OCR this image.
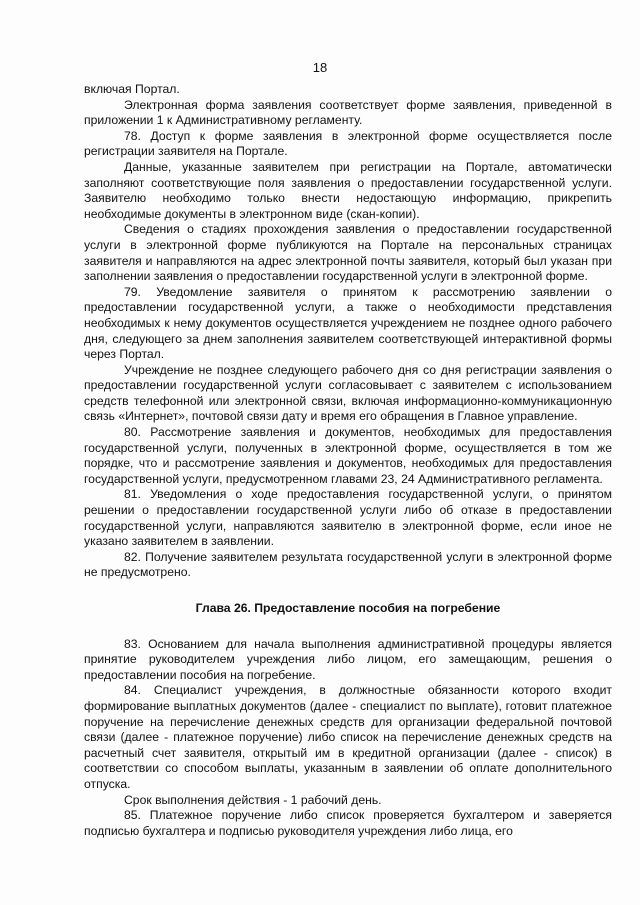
18

включая Портал.

Электронная форма заявления соответствует форме заявления, приведенной в приложении 1 к Административному регламенту.

78. Доступ к форме заявления в электронной форме осуществляется после регистрации заявителя на Портале.

Данные, указанные заявителем при регистрации на Портале, автоматически заполняют соответствующие поля заявления о предоставлении государственной услуги. Заявителю необходимо только внести недостающую информацию, прикрепить необходимые документы в электронном виде (скан-копии).

Сведения о стадиях прохождения заявления о предоставлении государственной услуги в электронной форме публикуются на Портале на персональных страницах заявителя и направляются на адрес электронной почты заявителя, который был указан при заполнении заявления о предоставлении государственной услуги в электронной форме.

79. Уведомление заявителя о принятом к рассмотрению заявлении о предоставлении государственной услуги, а также о необходимости представления необходимых к нему документов осуществляется учреждением не позднее одного рабочего дня, следующего за днем заполнения заявителем соответствующей интерактивной формы через Портал.

Учреждение не позднее следующего рабочего дня со дня регистрации заявления о предоставлении государственной услуги согласовывает с заявителем с использованием средств телефонной или электронной связи, включая информационно-коммуникационную связь «Интернет», почтовой связи дату и время его обращения в Главное управление.

80. Рассмотрение заявления и документов, необходимых для предоставления государственной услуги, полученных в электронной форме, осуществляется в том же порядке, что и рассмотрение заявления и документов, необходимых для предоставления государственной услуги, предусмотренном главами 23, 24 Административного регламента.

81. Уведомления о ходе предоставления государственной услуги, о принятом решении о предоставлении государственной услуги либо об отказе в предоставлении государственной услуги, направляются заявителю в электронной форме, если иное не указано заявителем в заявлении.

82. Получение заявителем результата государственной услуги в электронной форме не предусмотрено.

Глава 26. Предоставление пособия на погребение

83. Основанием для начала выполнения административной процедуры является принятие руководителем учреждения либо лицом, его замещающим, решения о предоставлении пособия на погребение.

84. Специалист учреждения, в должностные обязанности которого входит формирование выплатных документов (далее - специалист по выплате), готовит платежное поручение на перечисление денежных средств для организации федеральной почтовой связи (далее - платежное поручение) либо список на перечисление денежных средств на расчетный счет заявителя, открытый им в кредитной организации (далее - список) в соответствии со способом выплаты, указанным в заявлении об оплате дополнительного отпуска.

Срок выполнения действия - 1 рабочий день.

85. Платежное поручение либо список проверяется бухгалтером и заверяется подписью бухгалтера и подписью руководителя учреждения либо лица, его
